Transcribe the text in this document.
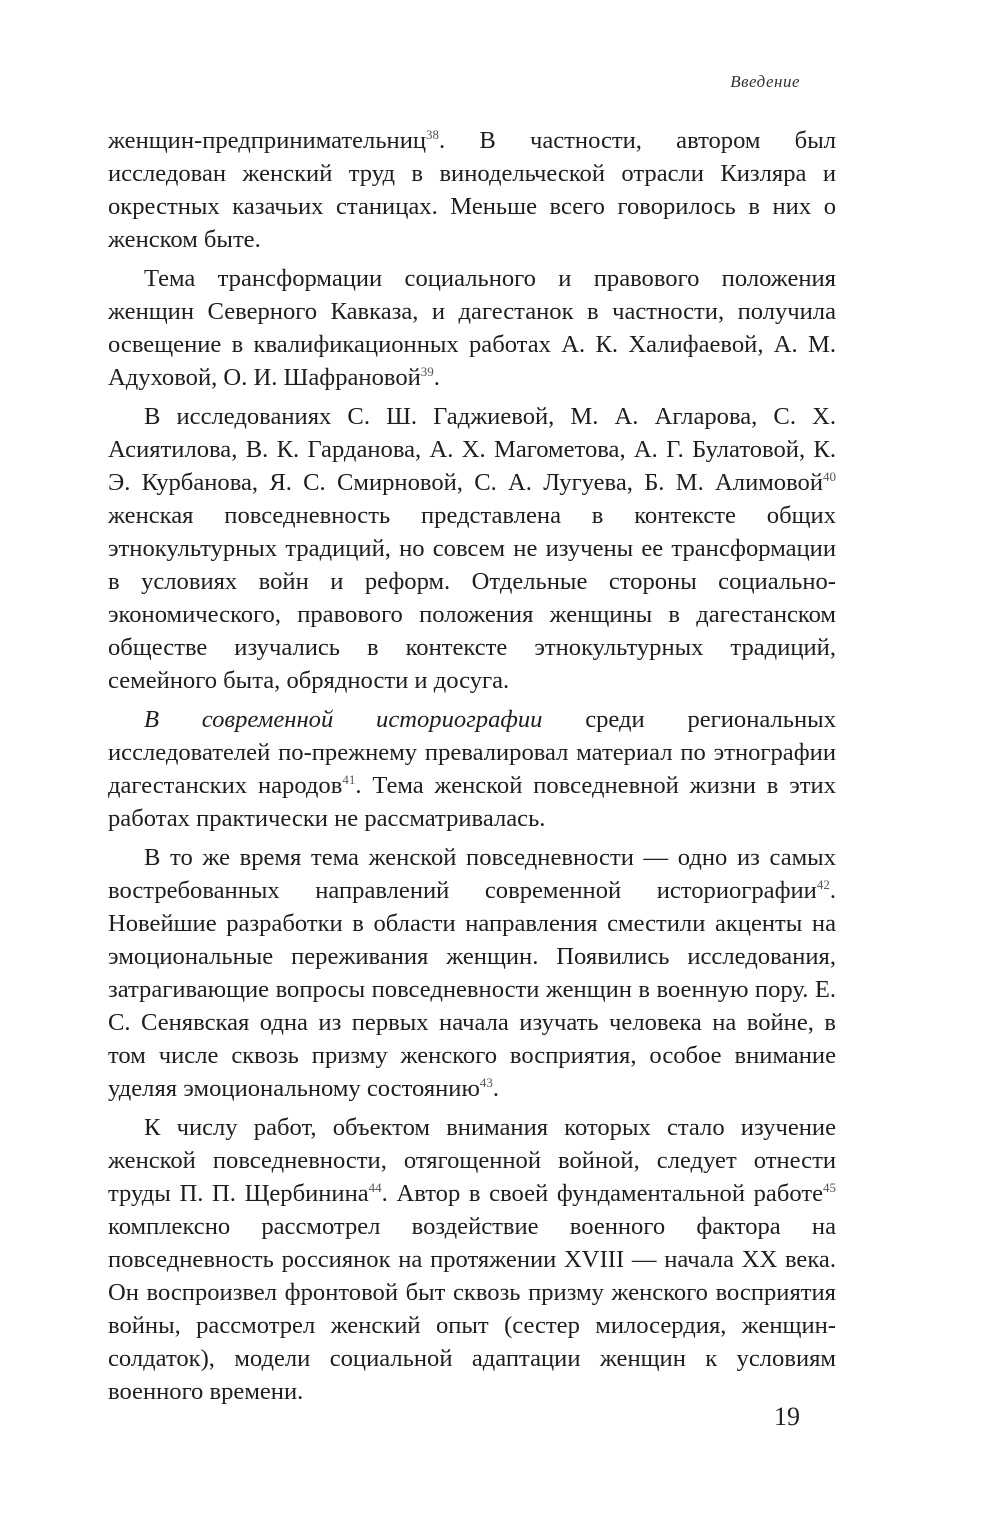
Введение

женщин-предпринимательниц$^{38}$. В частности, автором был исследован женский труд в винодельческой отрасли Кизляра и окрестных казачьих станицах. Меньше всего говорилось в них о женском быте.

Тема трансформации социального и правового положения женщин Северного Кавказа, и дагестанок в частности, получила освещение в квалификационных работах А. К. Халифаевой, А. М. Адуховой, О. И. Шафрановой$^{39}$.

В исследованиях С. Ш. Гаджиевой, М. А. Агларова, С. Х. Асиятилова, В. К. Гарданова, А. Х. Магометова, А. Г. Булатовой, К. Э. Курбанова, Я. С. Смирновой, С. А. Лугуева, Б. М. Алимовой$^{40}$ женская повседневность представлена в контексте общих этнокультурных традиций, но совсем не изучены ее трансформации в условиях войн и реформ. Отдельные стороны социально-экономического, правового положения женщины в дагестанском обществе изучались в контексте этнокультурных традиций, семейного быта, обрядности и досуга.

В современной историографии среди региональных исследователей по-прежнему превалировал материал по этнографии дагестанских народов$^{41}$. Тема женской повседневной жизни в этих работах практически не рассматривалась.

В то же время тема женской повседневности — одно из самых востребованных направлений современной историографии$^{42}$. Новейшие разработки в области направления сместили акценты на эмоциональные переживания женщин. Появились исследования, затрагивающие вопросы повседневности женщин в военную пору. Е. С. Сенявская одна из первых начала изучать человека на войне, в том числе сквозь призму женского восприятия, особое внимание уделяя эмоциональному состоянию$^{43}$.

К числу работ, объектом внимания которых стало изучение женской повседневности, отягощенной войной, следует отнести труды П. П. Щербинина$^{44}$. Автор в своей фундаментальной работе$^{45}$ комплексно рассмотрел воздействие военного фактора на повседневность россиянок на протяжении XVIII — начала XX века. Он воспроизвел фронтовой быт сквозь призму женского восприятия войны, рассмотрел женский опыт (сестер милосердия, женщин-солдаток), модели социальной адаптации женщин к условиям военного времени.

19
